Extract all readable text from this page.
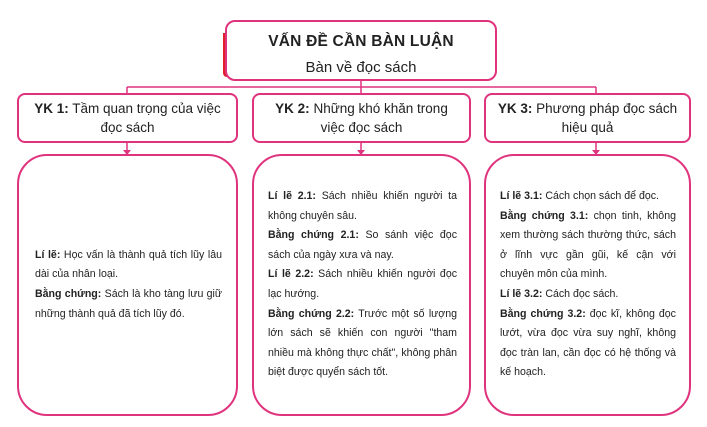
VẤN ĐỀ CẦN BÀN LUẬN
Bàn về đọc sách
YK 1: Tầm quan trọng của việc đọc sách
YK 2: Những khó khăn trong việc đọc sách
YK 3: Phương pháp đọc sách hiệu quả

Lí lẽ: Học vấn là thành quả tích lũy lâu dài của nhân loại.

Bằng chứng: Sách là kho tàng lưu giữ những thành quả đã tích lũy đó.

Lí lẽ 2.1: Sách nhiều khiến người ta không chuyên sâu.

Bằng chứng 2.1: So sánh việc đọc sách của ngày xưa và nay.

Lí lẽ 2.2: Sách nhiều khiến người đọc lạc hướng.

Bằng chứng 2.2: Trước một số lượng lớn sách sẽ khiến con người "tham nhiều mà không thực chất", không phân biệt được quyển sách tốt.

Lí lẽ 3.1: Cách chọn sách để đọc.

Bằng chứng 3.1: chọn tinh, không xem thường sách thường thức, sách ở lĩnh vực gần gũi, kế cận với chuyên môn của mình.

Lí lẽ 3.2: Cách đọc sách.

Bằng chứng 3.2: đọc kĩ, không đọc lướt, vừa đọc vừa suy nghĩ, không đọc tràn lan, cần đọc có hệ thống và kế hoạch.
